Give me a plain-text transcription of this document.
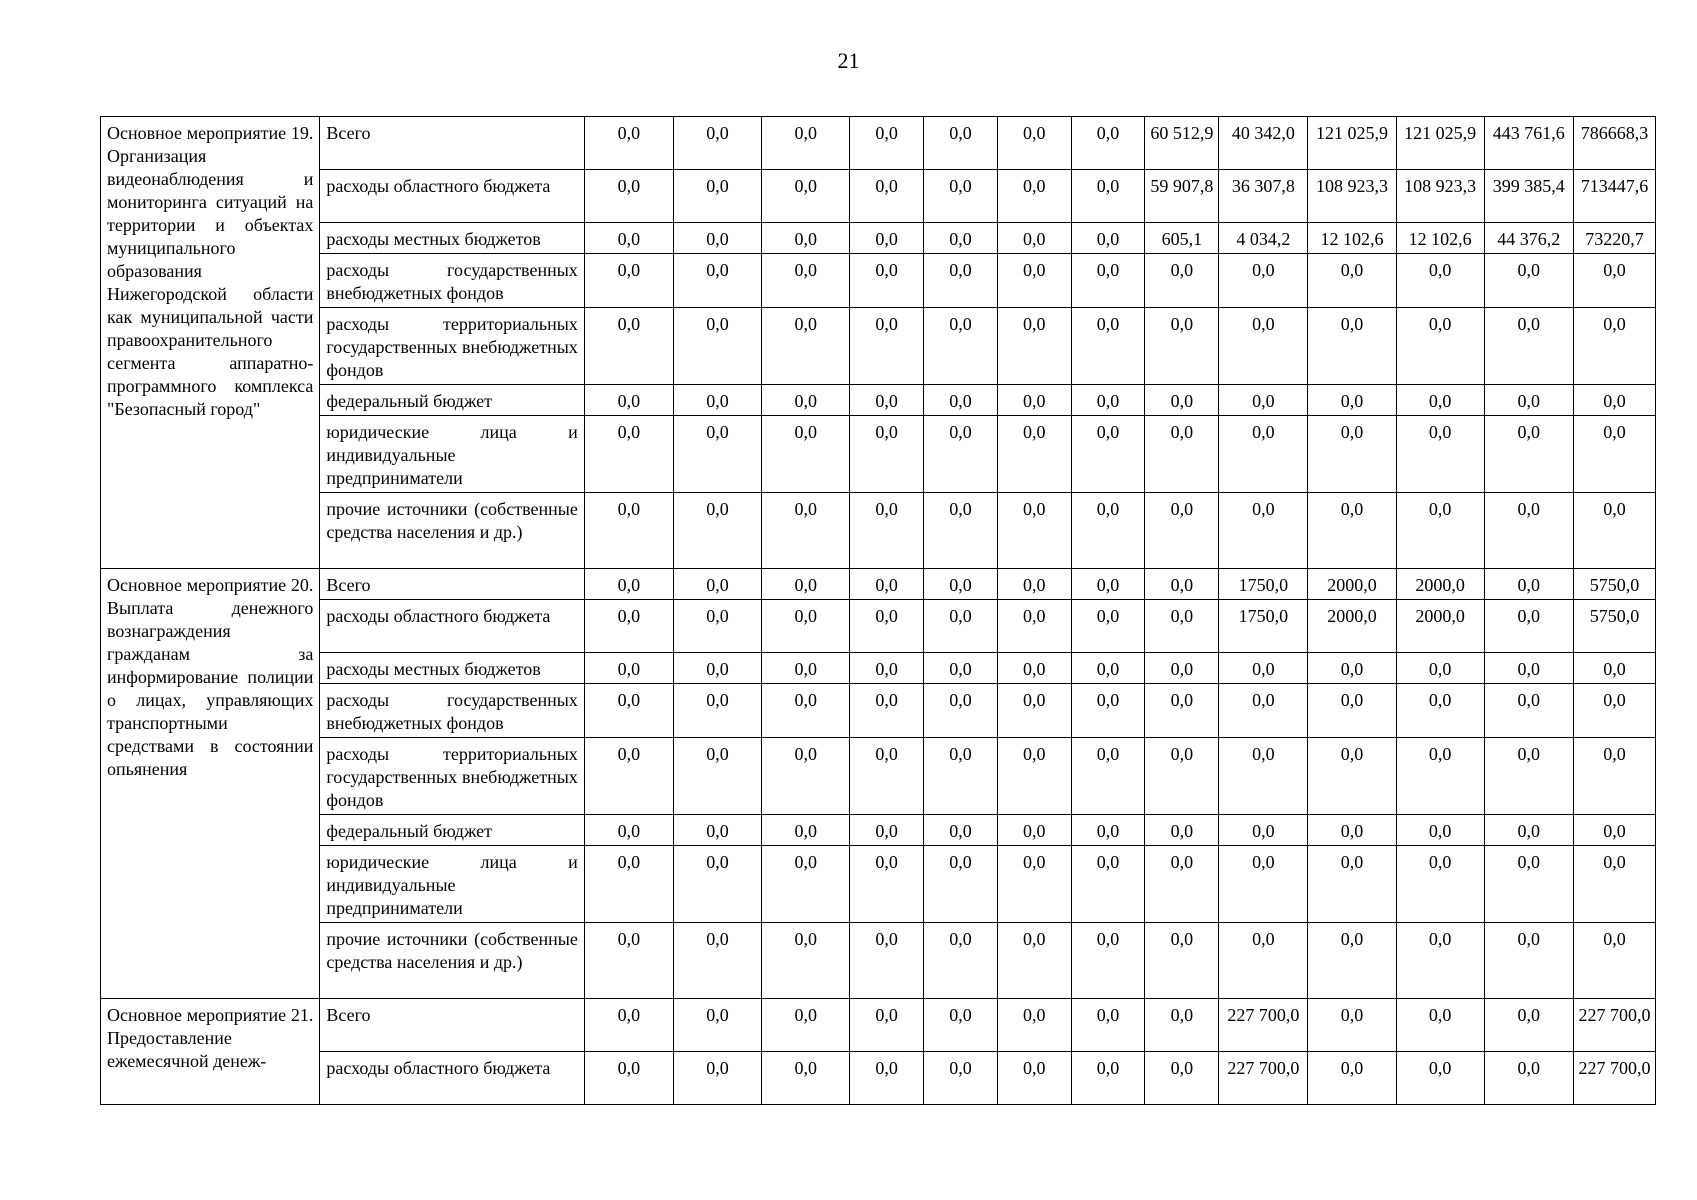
21
Основное мероприятие 19. Организация видеонаблюдения и мониторинга ситуаций на территории и объектах муниципального образования Нижегородской области как муниципальной части правоохранительного сегмента аппаратно-программного комплекса "Безопасный город"	Всего	0,0	0,0	0,0	0,0	0,0	0,0	0,0	60 512,9	40 342,0	121 025,9	121 025,9	443 761,6	786668,3
	расходы областного бюджета	0,0	0,0	0,0	0,0	0,0	0,0	0,0	59 907,8	36 307,8	108 923,3	108 923,3	399 385,4	713447,6
	расходы местных бюджетов	0,0	0,0	0,0	0,0	0,0	0,0	0,0	605,1	4 034,2	12 102,6	12 102,6	44 376,2	73220,7
	расходы государственных внебюджетных фондов	0,0	0,0	0,0	0,0	0,0	0,0	0,0	0,0	0,0	0,0	0,0	0,0	0,0
	расходы территориальных государственных внебюджетных фондов	0,0	0,0	0,0	0,0	0,0	0,0	0,0	0,0	0,0	0,0	0,0	0,0	0,0
	федеральный бюджет	0,0	0,0	0,0	0,0	0,0	0,0	0,0	0,0	0,0	0,0	0,0	0,0	0,0
	юридические лица и индивидуальные предприниматели	0,0	0,0	0,0	0,0	0,0	0,0	0,0	0,0	0,0	0,0	0,0	0,0	0,0
	прочие источники (собственные средства населения и др.)	0,0	0,0	0,0	0,0	0,0	0,0	0,0	0,0	0,0	0,0	0,0	0,0	0,0
Основное мероприятие 20. Выплата денежного вознаграждения гражданам за информирование полиции о лицах, управляющих транспортными средствами в состоянии опьянения	Всего	0,0	0,0	0,0	0,0	0,0	0,0	0,0	0,0	1750,0	2000,0	2000,0	0,0	5750,0
	расходы областного бюджета	0,0	0,0	0,0	0,0	0,0	0,0	0,0	0,0	1750,0	2000,0	2000,0	0,0	5750,0
	расходы местных бюджетов	0,0	0,0	0,0	0,0	0,0	0,0	0,0	0,0	0,0	0,0	0,0	0,0	0,0
	расходы государственных внебюджетных фондов	0,0	0,0	0,0	0,0	0,0	0,0	0,0	0,0	0,0	0,0	0,0	0,0	0,0
	расходы территориальных государственных внебюджетных фондов	0,0	0,0	0,0	0,0	0,0	0,0	0,0	0,0	0,0	0,0	0,0	0,0	0,0
	федеральный бюджет	0,0	0,0	0,0	0,0	0,0	0,0	0,0	0,0	0,0	0,0	0,0	0,0	0,0
	юридические лица и индивидуальные предприниматели	0,0	0,0	0,0	0,0	0,0	0,0	0,0	0,0	0,0	0,0	0,0	0,0	0,0
	прочие источники (собственные средства населения и др.)	0,0	0,0	0,0	0,0	0,0	0,0	0,0	0,0	0,0	0,0	0,0	0,0	0,0
Основное мероприятие 21. Предоставление ежемесячной денеж-	Всего	0,0	0,0	0,0	0,0	0,0	0,0	0,0	0,0	227 700,0	0,0	0,0	0,0	227 700,0
	расходы областного бюджета	0,0	0,0	0,0	0,0	0,0	0,0	0,0	0,0	227 700,0	0,0	0,0	0,0	227 700,0
